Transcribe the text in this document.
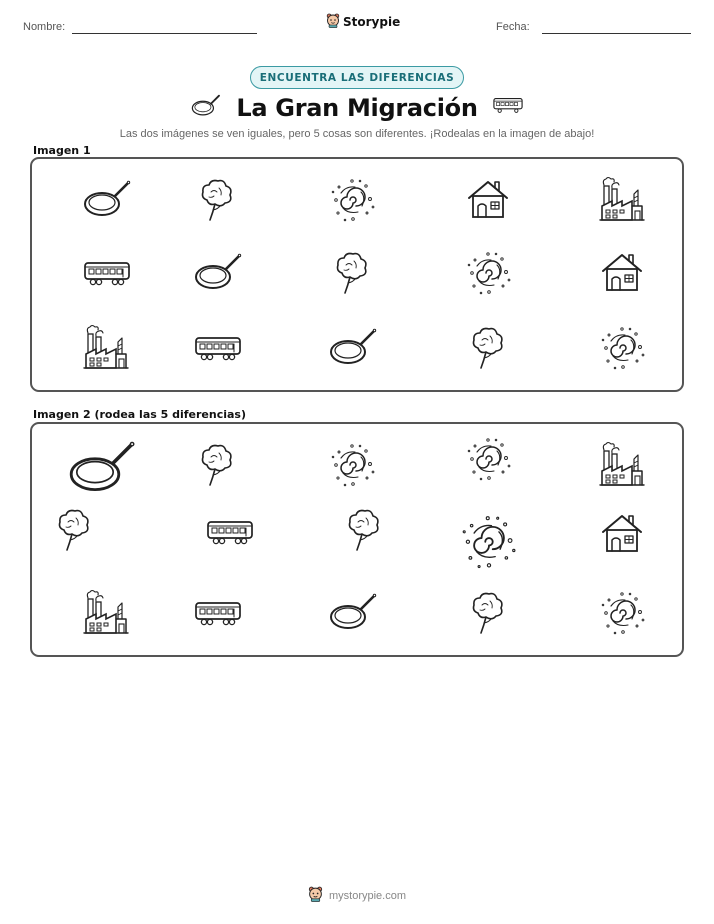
Nombre:	Storypie	Fecha:
ENCUENTRA LAS DIFERENCIAS
La Gran Migración
Las dos imágenes se ven iguales, pero 5 cosas son diferentes. ¡Rodealas en la imagen de abajo!
Imagen 1
Imagen 2 (rodea las 5 diferencias)
mystorypie.com
